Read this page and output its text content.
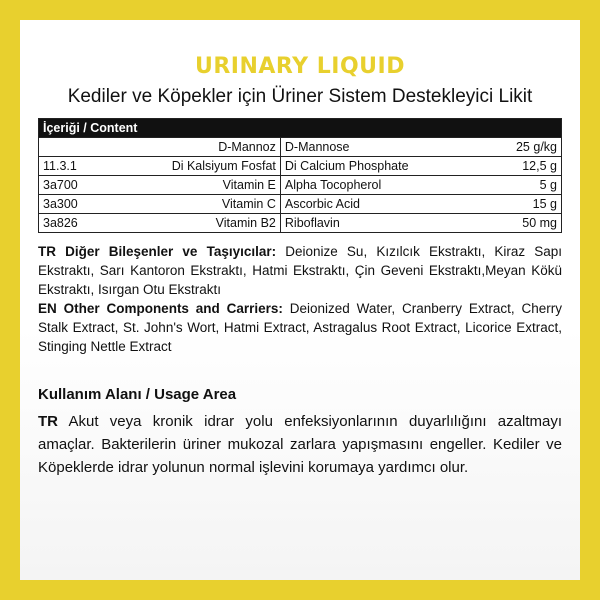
URINARY LIQUID
Kediler ve Köpekler için Üriner Sistem Destekleyici Likit
İçeriği / Content			
	D-Mannoz	D-Mannose	25 g/kg
11.3.1	Di Kalsiyum Fosfat	Di Calcium Phosphate	12,5 g
3a700	Vitamin E	Alpha Tocopherol	5 g
3a300	Vitamin C	Ascorbic Acid	15 g
3a826	Vitamin B2	Riboflavin	50 mg
TR Diğer Bileşenler ve Taşıyıcılar: Deionize Su, Kızılcık Ekstraktı, Kiraz Sapı Ekstraktı, Sarı Kantoron Ekstraktı, Hatmi Ekstraktı, Çin Geveni Ekstraktı,Meyan Kökü Ekstraktı, Isırgan Otu Ekstraktı
EN Other Components and Carriers: Deionized Water, Cranberry Extract, Cherry Stalk Extract, St. John's Wort, Hatmi Extract, Astragalus Root Extract, Licorice Extract, Stinging Nettle Extract
Kullanım Alanı / Usage Area
TR Akut veya kronik idrar yolu enfeksiyonlarının duyarlılığını azaltmayı amaçlar. Bakterilerin üriner mukozal zarlara yapışmasını engeller. Kediler ve Köpeklerde idrar yolunun normal işlevini korumaya yardımcı olur.
